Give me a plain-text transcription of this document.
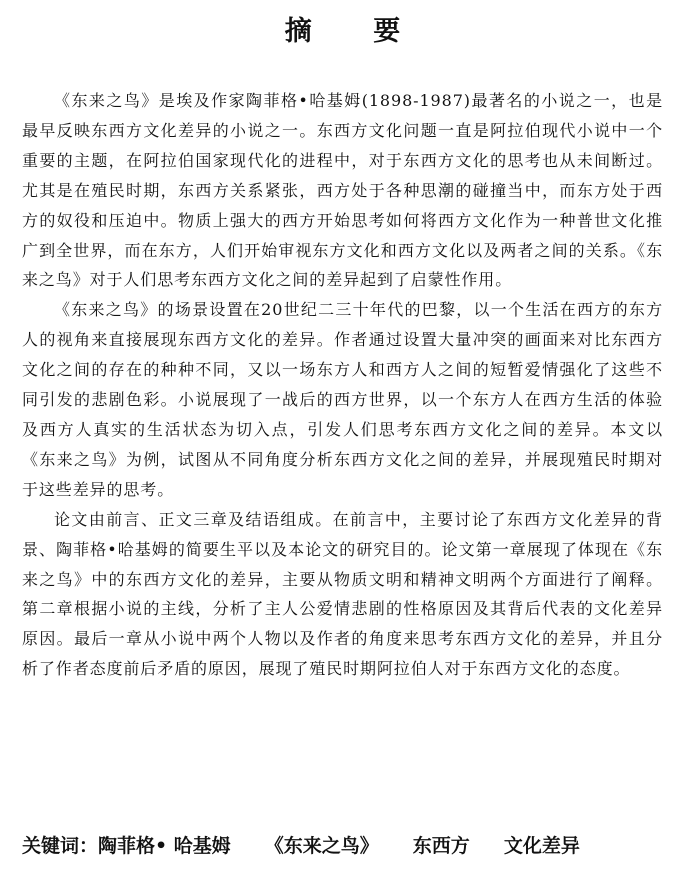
摘 要

《东来之鸟》是埃及作家陶菲格•哈基姆(1898-1987)最著名的小说之一，也是最早反映东西方文化差异的小说之一。东西方文化问题一直是阿拉伯现代小说中一个重要的主题，在阿拉伯国家现代化的进程中，对于东西方文化的思考也从未间断过。尤其是在殖民时期，东西方关系紧张，西方处于各种思潮的碰撞当中，而东方处于西方的奴役和压迫中。物质上强大的西方开始思考如何将西方文化作为一种普世文化推广到全世界，而在东方，人们开始审视东方文化和西方文化以及两者之间的关系。《东来之鸟》对于人们思考东西方文化之间的差异起到了启蒙性作用。

《东来之鸟》的场景设置在20世纪二三十年代的巴黎，以一个生活在西方的东方人的视角来直接展现东西方文化的差异。作者通过设置大量冲突的画面来对比东西方文化之间的存在的种种不同，又以一场东方人和西方人之间的短暂爱情强化了这些不同引发的悲剧色彩。小说展现了一战后的西方世界，以一个东方人在西方生活的体验及西方人真实的生活状态为切入点，引发人们思考东西方文化之间的差异。本文以《东来之鸟》为例，试图从不同角度分析东西方文化之间的差异，并展现殖民时期对于这些差异的思考。

论文由前言、正文三章及结语组成。在前言中，主要讨论了东西方文化差异的背景、陶菲格•哈基姆的简要生平以及本论文的研究目的。论文第一章展现了体现在《东来之鸟》中的东西方文化的差异，主要从物质文明和精神文明两个方面进行了阐释。第二章根据小说的主线，分析了主人公爱情悲剧的性格原因及其背后代表的文化差异原因。最后一章从小说中两个人物以及作者的角度来思考东西方文化的差异，并且分析了作者态度前后矛盾的原因，展现了殖民时期阿拉伯人对于东西方文化的态度。

关键词：陶菲格• 哈基姆 《东来之鸟》 东西方 文化差异
